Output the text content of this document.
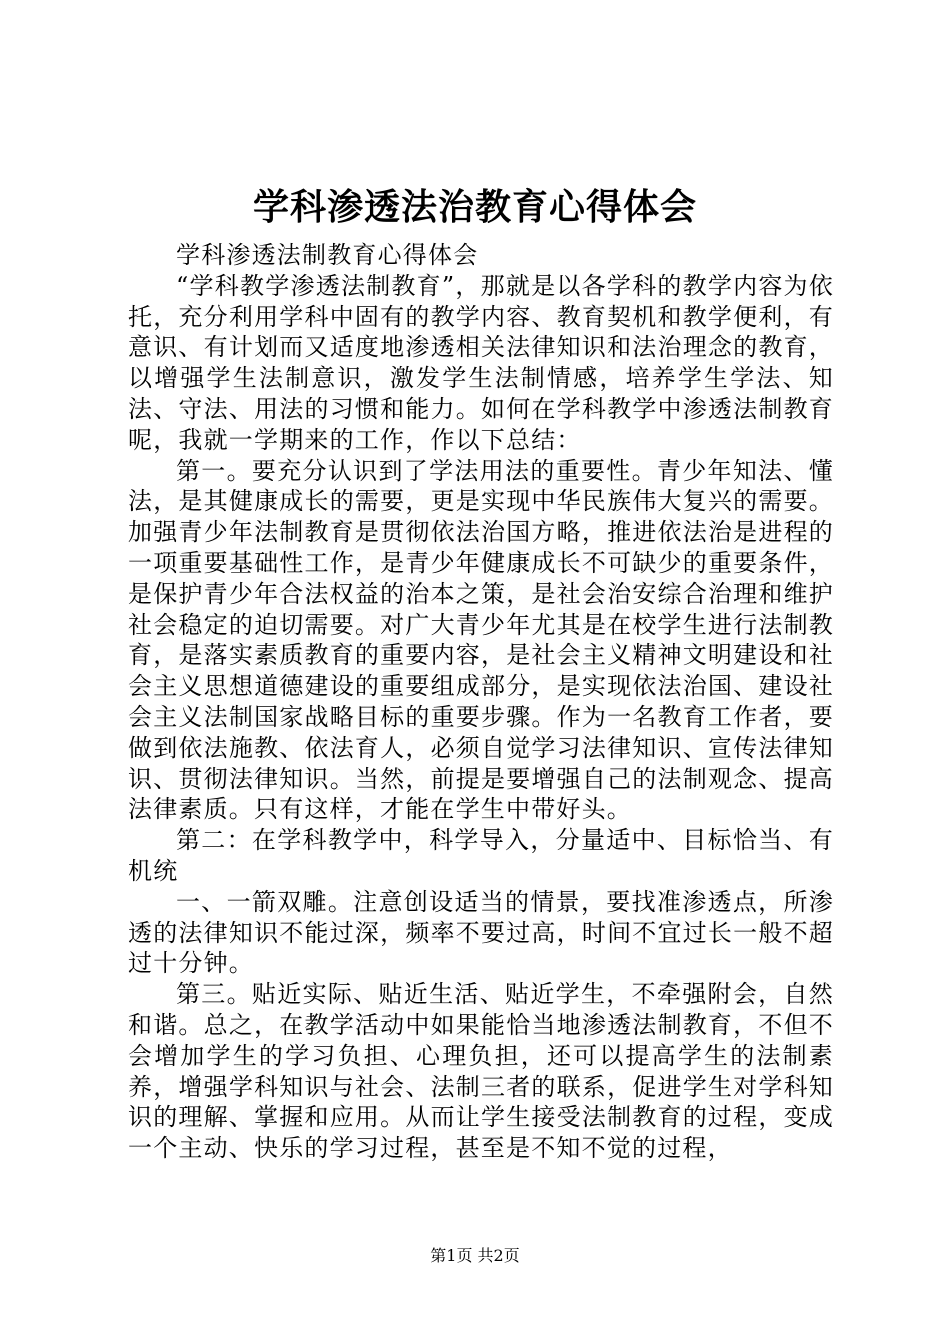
学科渗透法治教育心得体会

学科渗透法制教育心得体会

“学科教学渗透法制教育”，那就是以各学科的教学内容为依托，充分利用学科中固有的教学内容、教育契机和教学便利，有意识、有计划而又适度地渗透相关法律知识和法治理念的教育，以增强学生法制意识，激发学生法制情感，培养学生学法、知法、守法、用法的习惯和能力。如何在学科教学中渗透法制教育呢，我就一学期来的工作，作以下总结：

第一。要充分认识到了学法用法的重要性。青少年知法、懂法，是其健康成长的需要，更是实现中华民族伟大复兴的需要。加强青少年法制教育是贯彻依法治国方略，推进依法治是进程的一项重要基础性工作，是青少年健康成长不可缺少的重要条件，是保护青少年合法权益的治本之策，是社会治安综合治理和维护社会稳定的迫切需要。对广大青少年尤其是在校学生进行法制教育，是落实素质教育的重要内容，是社会主义精神文明建设和社会主义思想道德建设的重要组成部分，是实现依法治国、建设社会主义法制国家战略目标的重要步骤。作为一名教育工作者，要做到依法施教、依法育人，必须自觉学习法律知识、宣传法律知识、贯彻法律知识。当然，前提是要增强自己的法制观念、提高法律素质。只有这样，才能在学生中带好头。

第二：在学科教学中，科学导入，分量适中、目标恰当、有机统

一、一箭双雕。注意创设适当的情景，要找准渗透点，所渗透的法律知识不能过深，频率不要过高，时间不宜过长一般不超过十分钟。

第三。贴近实际、贴近生活、贴近学生，不牵强附会，自然和谐。总之，在教学活动中如果能恰当地渗透法制教育，不但不会增加学生的学习负担、心理负担，还可以提高学生的法制素养，增强学科知识与社会、法制三者的联系，促进学生对学科知识的理解、掌握和应用。从而让学生接受法制教育的过程，变成一个主动、快乐的学习过程，甚至是不知不觉的过程，

第1页 共2页
